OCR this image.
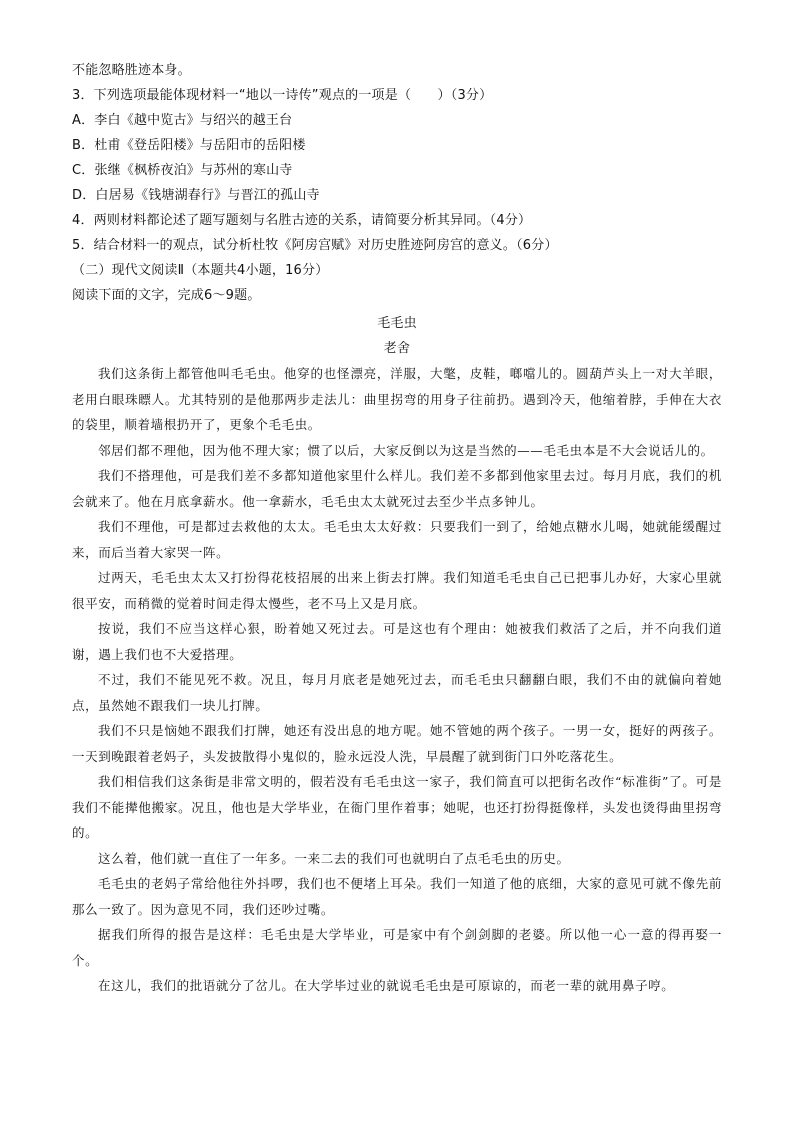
不能忽略胜迹本身。
3．下列选项最能体现材料一“地以一诗传”观点的一项是（　　）（3分）
A．李白《越中览古》与绍兴的越王台
B．杜甫《登岳阳楼》与岳阳市的岳阳楼
C．张继《枫桥夜泊》与苏州的寒山寺
D．白居易《钱塘湖春行》与晋江的孤山寺
4．两则材料都论述了题写题刻与名胜古迹的关系，请简要分析其异同。（4分）
5．结合材料一的观点，试分析杜牧《阿房宫赋》对历史胜迹阿房宫的意义。（6分）
（二）现代文阅读Ⅱ（本题共4小题，16分）
阅读下面的文字，完成6～9题。
毛毛虫
老舍

我们这条街上都管他叫毛毛虫。他穿的也怪漂亮，洋服，大氅，皮鞋，啷噹儿的。圆葫芦头上一对大羊眼，老用白眼珠瞟人。尤其特别的是他那两步走法儿：曲里拐弯的用身子往前扔。遇到冷天，他缩着脖，手伸在大衣的袋里，顺着墙根扔开了，更象个毛毛虫。

邻居们都不理他，因为他不理大家；惯了以后，大家反倒以为这是当然的——毛毛虫本是不大会说话儿的。

我们不搭理他，可是我们差不多都知道他家里什么样儿。我们差不多都到他家里去过。每月月底，我们的机会就来了。他在月底拿薪水。他一拿薪水，毛毛虫太太就死过去至少半点多钟儿。

我们不理他，可是都过去救他的太太。毛毛虫太太好救：只要我们一到了，给她点糖水儿喝，她就能缓醒过来，而后当着大家哭一阵。

过两天，毛毛虫太太又打扮得花枝招展的出来上街去打牌。我们知道毛毛虫自己已把事儿办好，大家心里就很平安，而稍微的觉着时间走得太慢些，老不马上又是月底。

按说，我们不应当这样心狠，盼着她又死过去。可是这也有个理由：她被我们救活了之后，并不向我们道谢，遇上我们也不大爱搭理。

不过，我们不能见死不救。况且，每月月底老是她死过去，而毛毛虫只翻翻白眼，我们不由的就偏向着她点，虽然她不跟我们一块儿打牌。

我们不只是恼她不跟我们打牌，她还有没出息的地方呢。她不管她的两个孩子。一男一女，挺好的两孩子。一天到晚跟着老妈子，头发披散得小鬼似的，脸永远没人洗，早晨醒了就到街门口外吃落花生。

我们相信我们这条街是非常文明的，假若没有毛毛虫这一家子，我们简直可以把街名改作“标准街”了。可是我们不能撵他搬家。况且，他也是大学毕业，在衙门里作着事；她呢，也还打扮得挺像样，头发也烫得曲里拐弯的。

这么着，他们就一直住了一年多。一来二去的我们可也就明白了点毛毛虫的历史。

毛毛虫的老妈子常给他往外抖啰，我们也不便堵上耳朵。我们一知道了他的底细，大家的意见可就不像先前那么一致了。因为意见不同，我们还吵过嘴。

据我们所得的报告是这样：毛毛虫是大学毕业，可是家中有个剑剑脚的老婆。所以他一心一意的得再娶一个。

在这儿，我们的批语就分了岔儿。在大学毕过业的就说毛毛虫是可原谅的，而老一辈的就用鼻子哼。
